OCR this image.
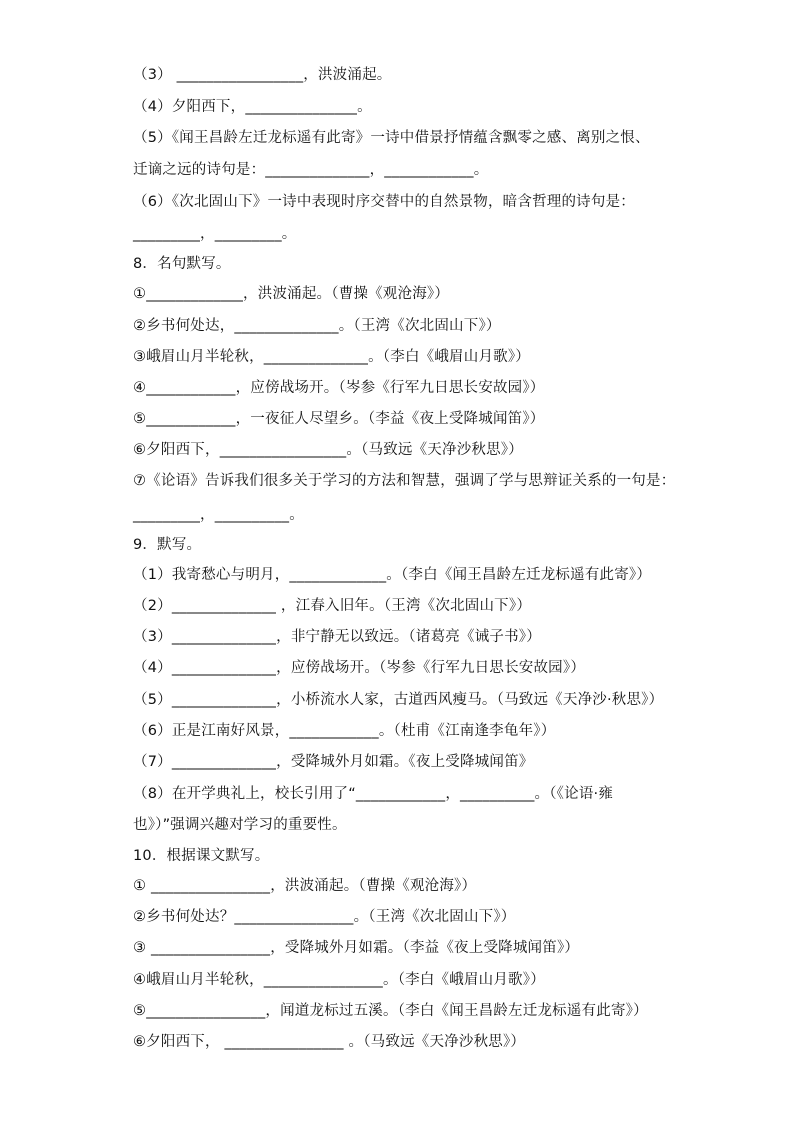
（3） _________________，洪波涌起。
（4）夕阳西下，_______________。
（5）《闻王昌龄左迁龙标遥有此寄》一诗中借景抒情蕴含飘零之感、离别之恨、
迁谪之远的诗句是：______________，____________。
（6）《次北固山下》一诗中表现时序交替中的自然景物，暗含哲理的诗句是：
_________，_________。
8．名句默写。
①_____________，洪波涌起。（曹操《观沧海》）
②乡书何处达，______________。（王湾《次北固山下》）
③峨眉山月半轮秋，______________。（李白《峨眉山月歌》）
④____________，应傍战场开。（岑参《行军九日思长安故园》）
⑤____________，一夜征人尽望乡。（李益《夜上受降城闻笛》）
⑥夕阳西下，_________________。（马致远《天净沙秋思》）
⑦《论语》告诉我们很多关于学习的方法和智慧，强调了学与思辩证关系的一句是：
_________，__________。
9．默写。
（1）我寄愁心与明月，_____________。（李白《闻王昌龄左迁龙标遥有此寄》）
（2）______________ ，江春入旧年。（王湾《次北固山下》）
（3）______________，非宁静无以致远。（诸葛亮《诫子书》）
（4）______________，应傍战场开。（岑参《行军九日思长安故园》）
（5）______________，小桥流水人家，古道西风瘦马。（马致远《天净沙·秋思》）
（6）正是江南好风景，____________。（杜甫《江南逢李龟年》）
（7）______________，受降城外月如霜。《夜上受降城闻笛》
（8）在开学典礼上，校长引用了“____________，__________。（《论语·雍
也》）”强调兴趣对学习的重要性。
10．根据课文默写。
① ________________，洪波涌起。（曹操《观沧海》）
②乡书何处达？________________。（王湾《次北固山下》）
③ ________________，受降城外月如霜。（李益《夜上受降城闻笛》）
④峨眉山月半轮秋，________________。（李白《峨眉山月歌》）
⑤________________，闻道龙标过五溪。（李白《闻王昌龄左迁龙标遥有此寄》）
⑥夕阳西下， ________________ 。（马致远《天净沙秋思》）
